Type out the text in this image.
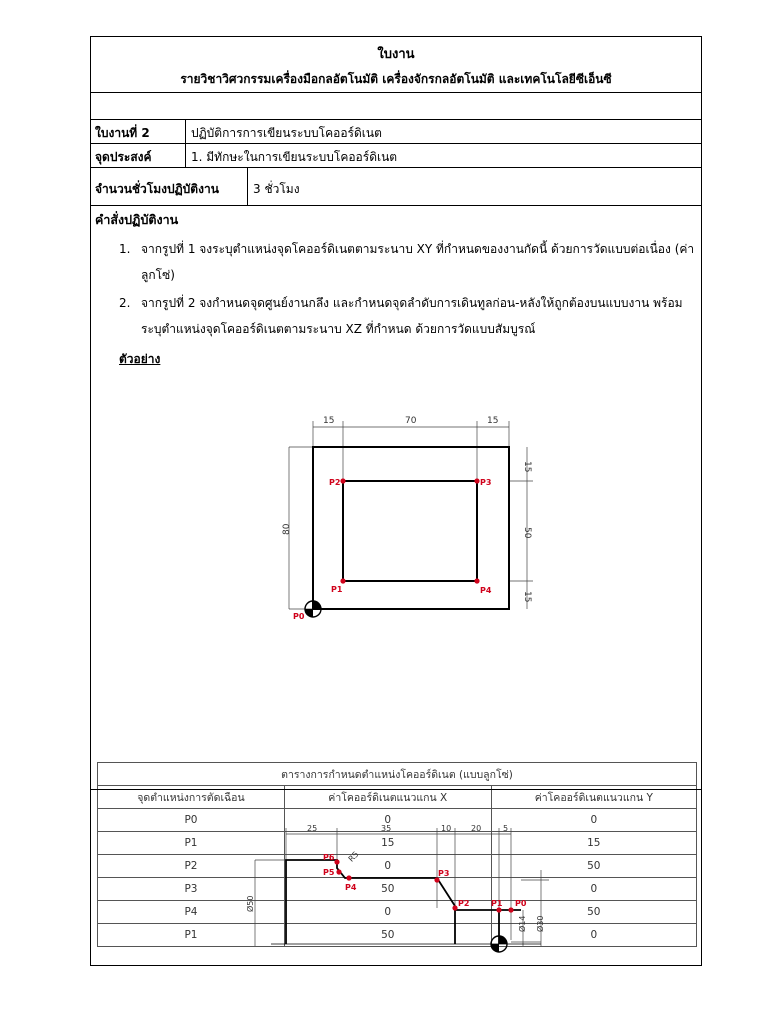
ใบงาน
รายวิชาวิศวกรรมเครื่องมือกลอัตโนมัติ เครื่องจักรกลอัตโนมัติ และเทคโนโลยีซีเอ็นซี
ใบงานที่ 2	ปฏิบัติการการเขียนระบบโคออร์ดิเนต
จุดประสงค์	1. มีทักษะในการเขียนระบบโคออร์ดิเนต
จำนวนชั่วโมงปฏิบัติงาน	3 ชั่วโมง
คำสั่งปฏิบัติงาน
1. จากรูปที่ 1 จงระบุตำแหน่งจุดโคออร์ดิเนตตามระนาบ XY ที่กำหนดของงานกัดนี้ ด้วยการวัดแบบต่อเนื่อง (ค่าลูกโซ่)
2. จากรูปที่ 2 จงกำหนดจุดศูนย์งานกลึง และกำหนดจุดลำดับการเดินทูลก่อน-หลังให้ถูกต้องบนแบบงาน พร้อมระบุตำแหน่งจุดโคออร์ดิเนตตามระนาบ XZ ที่กำหนด ด้วยการวัดแบบสัมบูรณ์
ตัวอย่าง
15	70	15
80
15
50
15
P2	P3
P1	P4
P0
ตารางการกำหนดตำแหน่งโคออร์ดิเนต (แบบลูกโซ่)		
จุดตำแหน่งการตัดเฉือน	ค่าโคออร์ดิเนตแนวแกน X	ค่าโคออร์ดิเนตแนวแกน Y
P0	0	0
P1	15	15
P2	0	50
P3	50	0
P4	0	50
P1	50	0
25	35	10 20	5
R5
Ø50
Ø14 Ø30
P6
P5
P4
P3
P2	P1 P0
